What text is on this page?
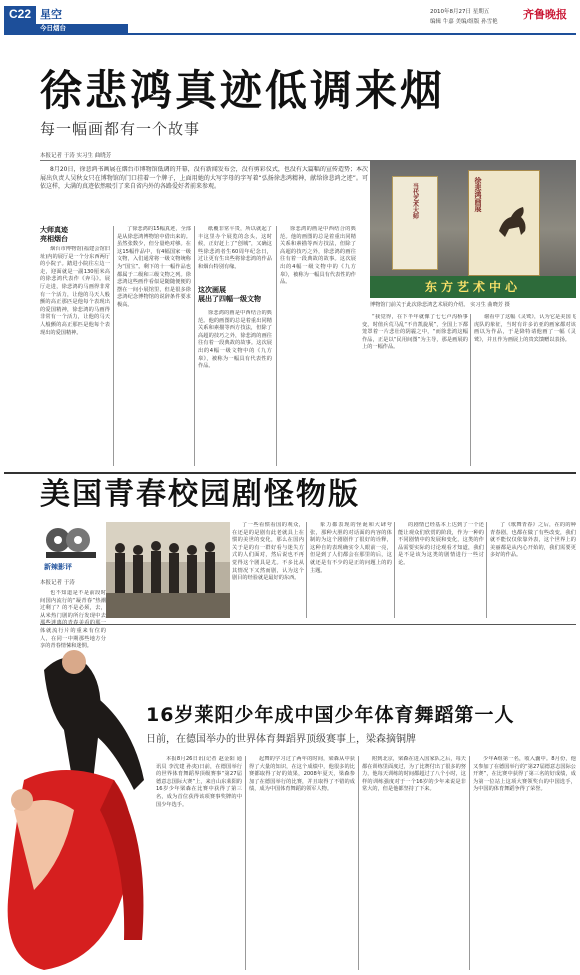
C22 星空
今日烟台
2010年8月27日 星期五
编辑 牛嘉 美编/组版 孙雪艳
齐鲁晚报
徐悲鸿真迹低调来烟
每一幅画都有一个故事
本报记者 于涛 实习生 曲晓芳

8月20日，徐悲鸿书画展在烟台市博物馆低调的开幕，没有新闻发布会，没有剪彩仪式，也没有大篇幅的宣传造势；本次展出负责人吴秋女只在博物馆的门口挂着一个牌子，上面用她的大写字母的字写着“弘扬徐悲鸿精神，献给徐悲鸿之迹”。可依这样，大满的真迹依然吸引了来自省内外的各路爱好者前来参观。

大师真迹
亮相烟台

烟台市博物馆(福建会馆旧址)内的展厅是一个分东西两厅的小院子。踏进小院往左边一走，迎面就是一副130厘米高的徐悲鸿代表作《奔马》。展厅走进，徐悲鸿的马画得非常有一个活力，让他的马天人般颤的高正那匹是他每个表现出的爱国精神，徐悲鸿的马画得非常有一个活力，让他的马天人般颤的高正那匹是他每个表现出的爱国精神。

了徐悲鸿的15幅真迹，全部是从徐悲鸿博物馆中借出来的。虽然张数少，但分量绝对够。在这15幅作品中，有4幅国家一级文物，入们通常将一级文物统称为“国宝”。剩下的十一幅作品也都属于二级和三级文物之列。徐悲鸿这些画作看似是随随便便的摆在一间小展馆里，但是很多徐悲鸿纪念博物馆的说辞条件要求极高。

纸覆非常平贵，所以就起了丰这里办个展览的念头，这时候，正好赶上了“创城”，又确这些徐悲鸿者生60周年纪念日，过让更有生出些将徐悲鸿的作品和烟台特别有缘。

这次画展
展出了四幅一级文物

徐悲鸿的画是中西结合的典范。他的画图的总是着重出同精关系和素描等西方技法，但除了高超的技巧之外，徐悲鸿的画往往有着一段典故的故事。这次展出的4幅一级文物中的《九方皋》，被称为一幅具有代表性的作品。

徐悲鸿的画是中西结合的典范。他的画图的总是着重出同精关系和素描等西方技法，但除了高超的技巧之外，徐悲鸿的画往往有着一段典故的故事。这次展出的4幅一级文物中的《九方皋》，被称为一幅具有代表性的作品。

当代艺术大师	徐悲鸿画展
东方艺术中心
博物馆门前关于此次徐悲鸿艺术展的介绍。 实习生 曲晓芳 摄

“我觉得，在下半年就像了七七卢沟桥事变，时值兵荒马乱“不肯凯旋展”，全国上下都笼罩着一片悲壮的阴霾之中，“而徐悲鸿这幅作品，正是以“民用间图”为主导，那是画展的上的一幅作品。

谢看中了这幅《灵鹫》，认为它是美国飞虎队的象征，当时有许多访亚的画家都对该画以为作品，于是降特请他画了一幅《灵鹫》，并且作为画展上的贵宾馈赠以表扬。

美国青春校园剧怪物版
新辣影评
本报记者 于涛

也不知道是不是前段时间国内流行的“凝青春”热潮过剩了？的不是必须，去，从米热门剧的所行发现中去 体就流行片的重来有位的人，在同一中期那些地方分享的青春情愫和迷惘。

了一些看惯看国的观众，在还是的是剧有此老就具上在惯的美世的变化，那么在国内关于是的有一群好看与迷失方式的人们面对，然后说也不再觉得这个剧具是尤。不多比从其情况下又然而剧，认为这个剧目的经验就是最好的东西。

象力都表现的怪诞和大肆夸张，那种大胆的对话面的内容的体制的为这个剧剧作了很好的诠释，这种自的表现确实令人眼前一亮，但是到了人们都会在那里的后，这就还是有不少的是正的问题上的的主题。

的剧情已经基本上达到了一个还能让观众们欣赏的阶段，作为一种的不同剧情中的发展和变化，这类的作品需要实际的讨论观看才知道，我们是不是该为这类的剧情进行一些讨论。

了《歌舞青春》之后，在的的种青春剧，也都在做了有些改变，我们就不能仅仅依靠外表，这个世界上的美丽都是从内心开始的，我们需要更多好的作品。

16岁莱阳少年成中国少年体育舞蹈第一人
日前，在德国举办的世界体育舞蹈界顶级赛事上，梁森摘铜牌

本报8月26日讯(记者 赵金阳 通讯员 李沈建 孙夷)日前，在德国举行的世界体育舞蹈界顶级赛事“第27届德意志国际大赛”上，来自山东莱阳的16岁少年梁森在比赛中获得了第三名，成为首位获得该项赛事奖牌的中国少年选手。

起舞的学习过了两年的时间，梁森从中获得了大量的知识，在这个成绩中，他很多的比赛都取得了好的效果，2008年夏天，梁森参加了在德国举行的比赛，并且取得了不错的成绩，成为中国体育舞蹈的领军人物。

附到北京，梁森在进入国家队之后，每天都在训练里面度过，为了比赛付出了很多的努力，他每天训练的时间都超过了八个小时，这样的训练强度对于一个16岁的少年来说是非常大的，但是他都坚持了下来。

少年A组第一名，收入囊中。8月份，他又参加了在德国举行的“第27届德意志国际公开赛”，在比赛中获得了第三名的好成绩，成为第一位站上这项大赛领奖台的中国选手，为中国的体育舞蹈争得了荣誉。
